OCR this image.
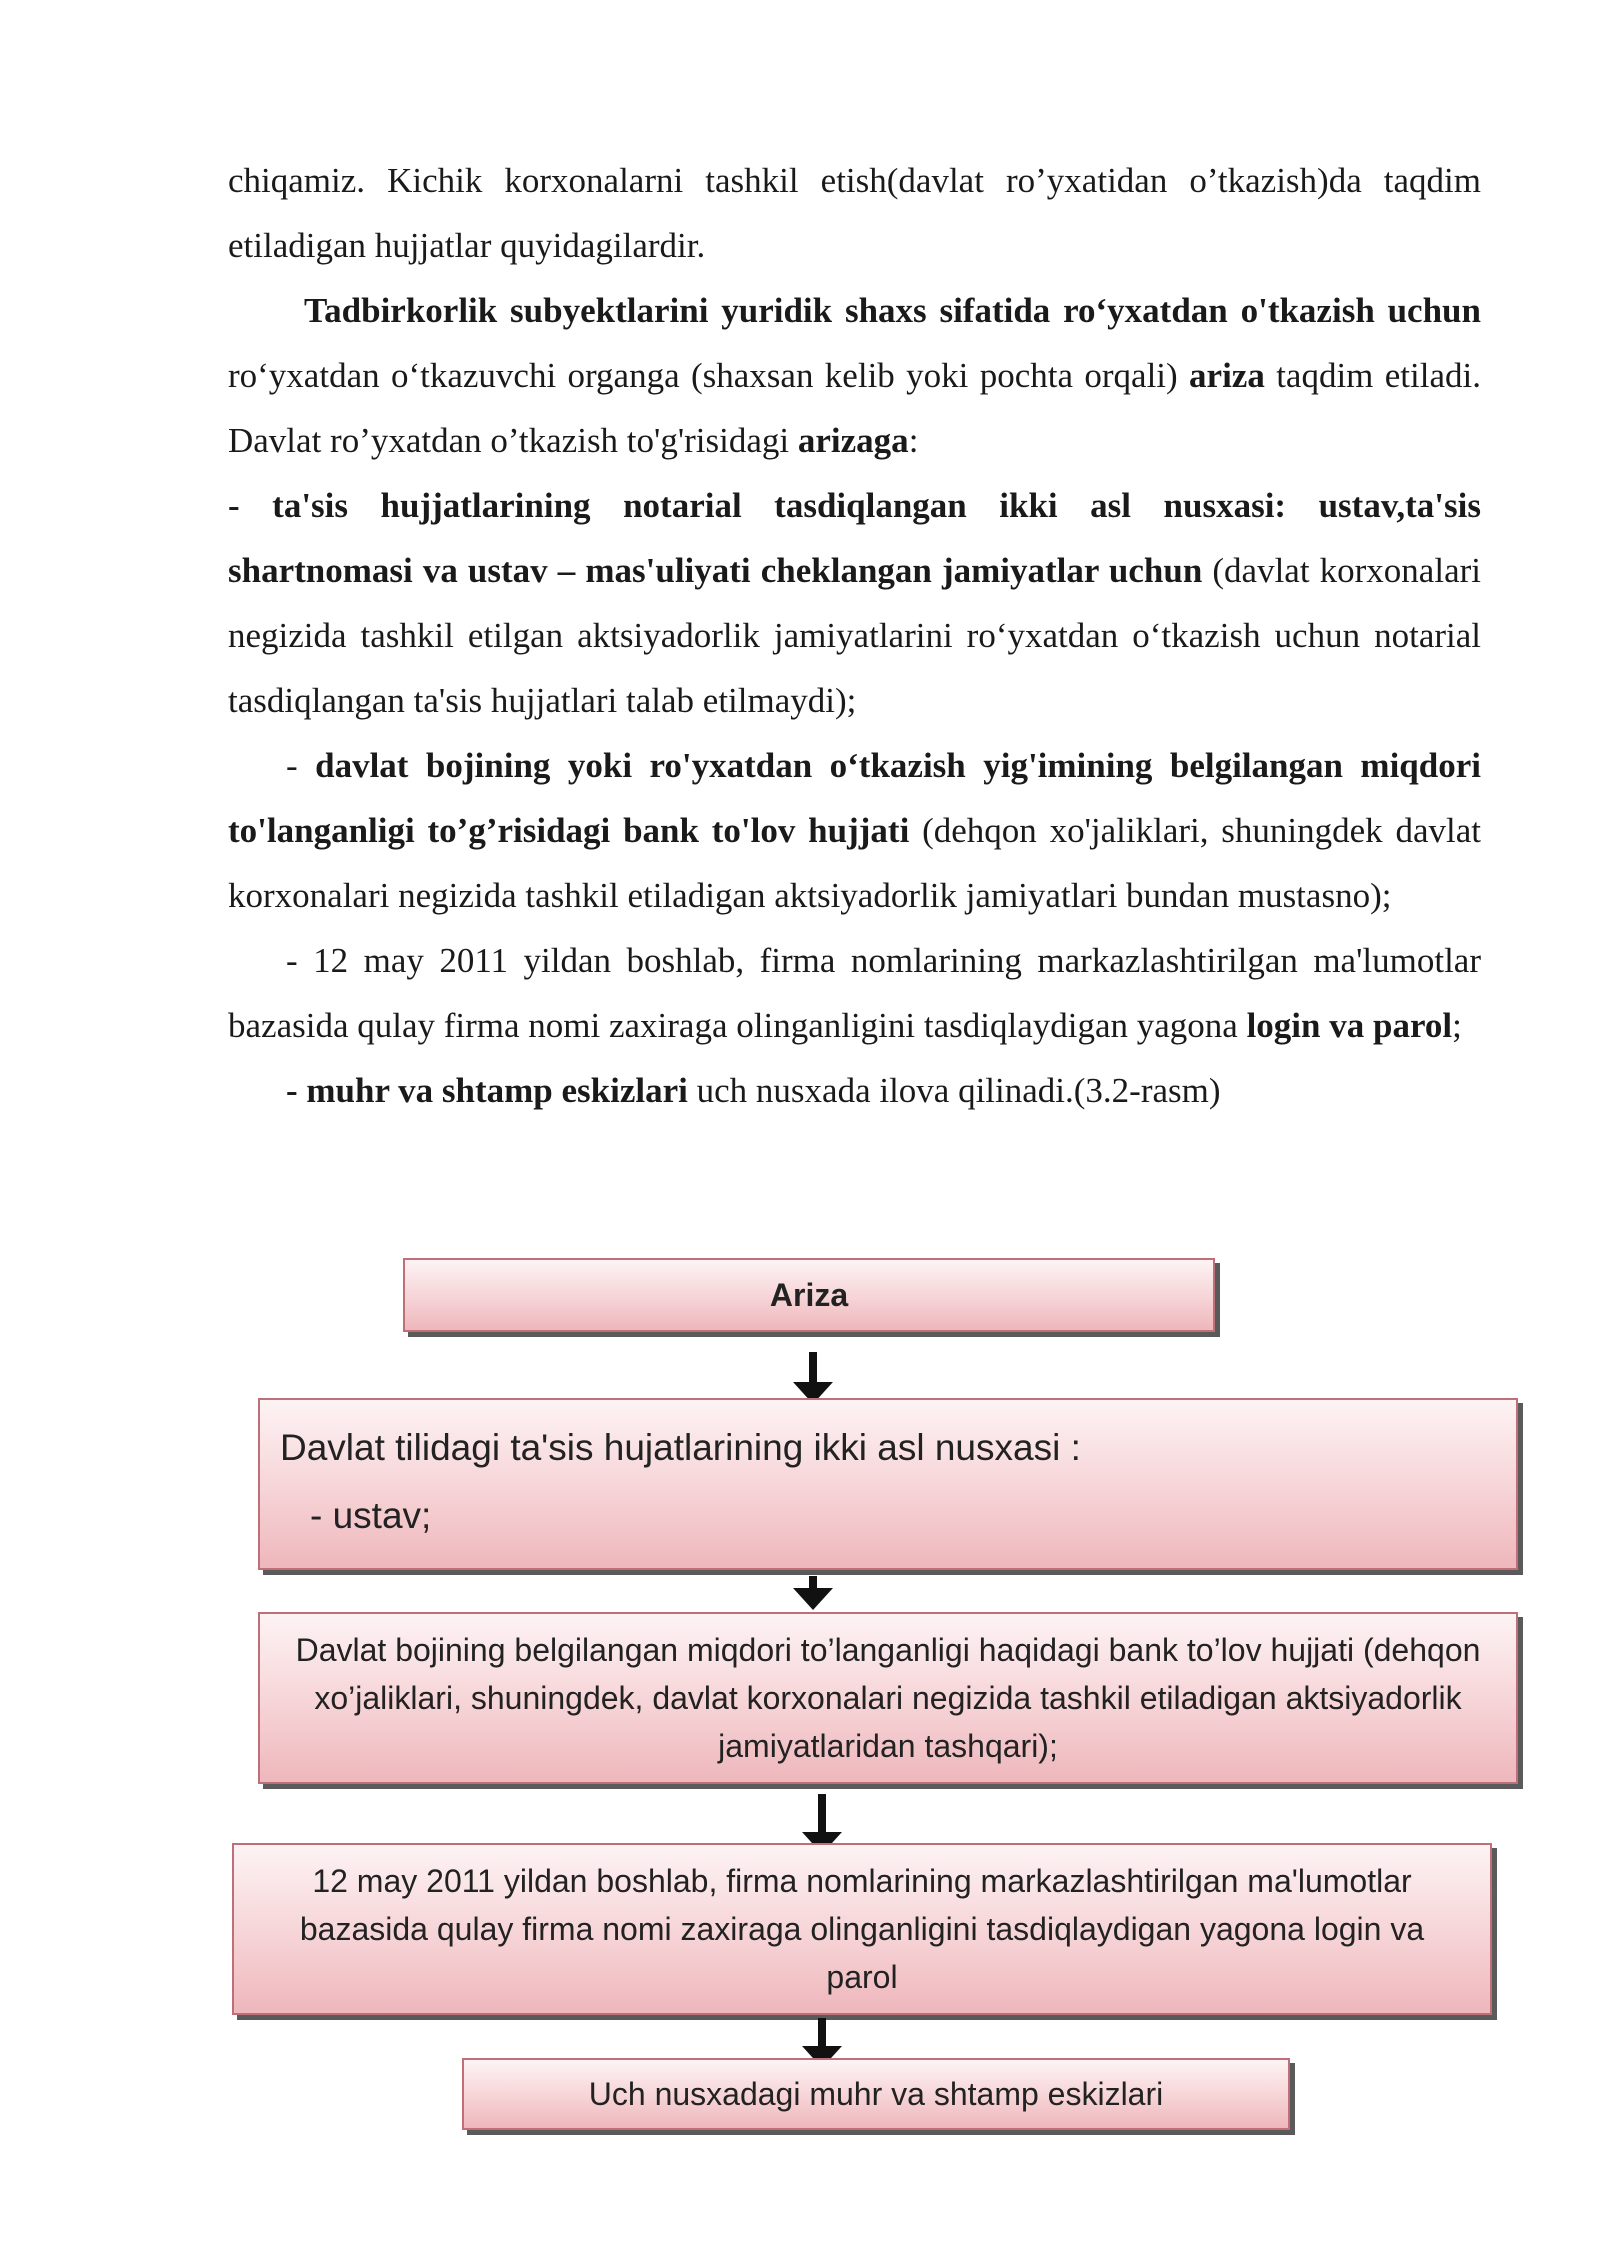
chiqamiz. Kichik korxonalarni tashkil etish(davlat ro’yxatidan o’tkazish)da taqdim etiladigan hujjatlar quyidagilardir.

Tadbirkorlik subyektlarini yuridik shaxs sifatida ro‘yxatdan o'tkazish uchun ro‘yxatdan o‘tkazuvchi organga (shaxsan kelib yoki pochta orqali) ariza taqdim etiladi. Davlat ro’yxatdan o’tkazish to'g'risidagi arizaga:

- ta'sis hujjatlarining notarial tasdiqlangan ikki asl nusxasi: ustav,ta'sis shartnomasi va ustav – mas'uliyati cheklangan jamiyatlar uchun (davlat korxonalari negizida tashkil etilgan aktsiyadorlik jamiyatlarini ro‘yxatdan o‘tkazish uchun notarial tasdiqlangan ta'sis hujjatlari talab etilmaydi);

- davlat bojining yoki ro'yxatdan o‘tkazish yig'imining belgilangan miqdori to'langanligi to’g’risidagi bank to'lov hujjati (dehqon xo'jaliklari, shuningdek davlat korxonalari negizida tashkil etiladigan aktsiyadorlik jamiyatlari bundan mustasno);

- 12 may 2011 yildan boshlab, firma nomlarining markazlashtirilgan ma'lumotlar bazasida qulay firma nomi zaxiraga olinganligini tasdiqlaydigan yagona login va parol;

- muhr va shtamp eskizlari uch nusxada ilova qilinadi.(3.2-rasm)

Ariza
Davlat tilidagi ta'sis hujatlarining ikki asl nusxasi :
- ustav;
Davlat bojining belgilangan miqdori to’langanligi haqidagi bank to’lov hujjati (dehqon xo’jaliklari, shuningdek, davlat korxonalari negizida tashkil etiladigan aktsiyadorlik jamiyatlaridan tashqari);
12 may 2011 yildan boshlab, firma nomlarining markazlashtirilgan ma'lumotlar bazasida qulay firma nomi zaxiraga olinganligini tasdiqlaydigan yagona login va parol
Uch nusxadagi muhr va shtamp eskizlari
